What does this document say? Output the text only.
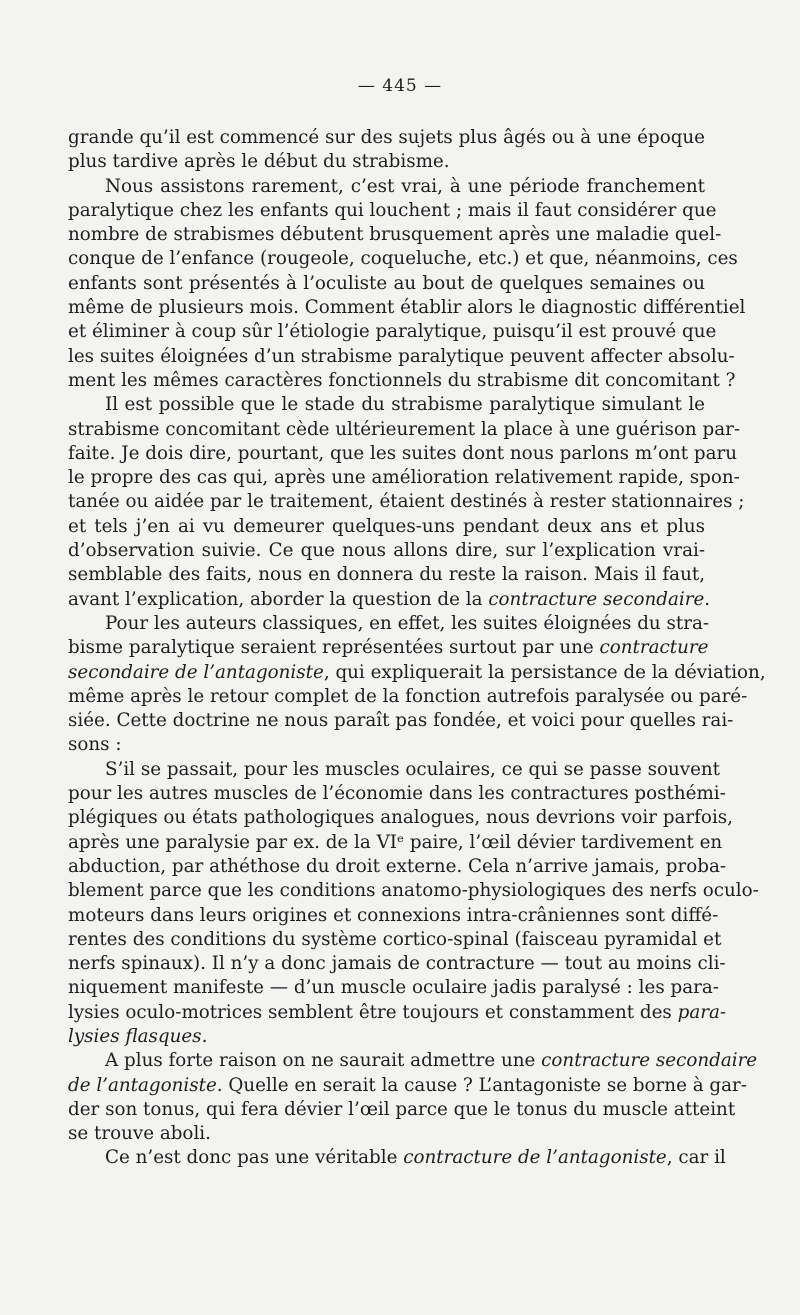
— 445 —
grande qu’il est commencé sur des sujets plus âgés ou à une époque
plus tardive après le début du strabisme.
Nous assistons rarement, c’est vrai, à une période franchement
paralytique chez les enfants qui louchent ; mais il faut considérer que
nombre de strabismes débutent brusquement après une maladie quel-
conque de l’enfance (rougeole, coqueluche, etc.) et que, néanmoins, ces
enfants sont présentés à l’oculiste au bout de quelques semaines ou
même de plusieurs mois. Comment établir alors le diagnostic différentiel
et éliminer à coup sûr l’étiologie paralytique, puisqu’il est prouvé que
les suites éloignées d’un strabisme paralytique peuvent affecter absolu-
ment les mêmes caractères fonctionnels du strabisme dit concomitant ?
Il est possible que le stade du strabisme paralytique simulant le
strabisme concomitant cède ultérieurement la place à une guérison par-
faite. Je dois dire, pourtant, que les suites dont nous parlons m’ont paru
le propre des cas qui, après une amélioration relativement rapide, spon-
tanée ou aidée par le traitement, étaient destinés à rester stationnaires ;
et tels j’en ai vu demeurer quelques-uns pendant deux ans et plus
d’observation suivie. Ce que nous allons dire, sur l’explication vrai-
semblable des faits, nous en donnera du reste la raison. Mais il faut,
avant l’explication, aborder la question de la contracture secondaire.
Pour les auteurs classiques, en effet, les suites éloignées du stra-
bisme paralytique seraient représentées surtout par une contracture
secondaire de l’antagoniste, qui expliquerait la persistance de la déviation,
même après le retour complet de la fonction autrefois paralysée ou paré-
siée. Cette doctrine ne nous paraît pas fondée, et voici pour quelles rai-
sons :
S’il se passait, pour les muscles oculaires, ce qui se passe souvent
pour les autres muscles de l’économie dans les contractures posthémi-
plégiques ou états pathologiques analogues, nous devrions voir parfois,
après une paralysie par ex. de la VIᵉ paire, l’œil dévier tardivement en
abduction, par athéthose du droit externe. Cela n’arrive jamais, proba-
blement parce que les conditions anatomo-physiologiques des nerfs oculo-
moteurs dans leurs origines et connexions intra-crâniennes sont diffé-
rentes des conditions du système cortico-spinal (faisceau pyramidal et
nerfs spinaux). Il n’y a donc jamais de contracture — tout au moins cli-
niquement manifeste — d’un muscle oculaire jadis paralysé : les para-
lysies oculo-motrices semblent être toujours et constamment des para-
lysies flasques.
A plus forte raison on ne saurait admettre une contracture secondaire
de l’antagoniste. Quelle en serait la cause ? L’antagoniste se borne à gar-
der son tonus, qui fera dévier l’œil parce que le tonus du muscle atteint
se trouve aboli.
Ce n’est donc pas une véritable contracture de l’antagoniste, car il
